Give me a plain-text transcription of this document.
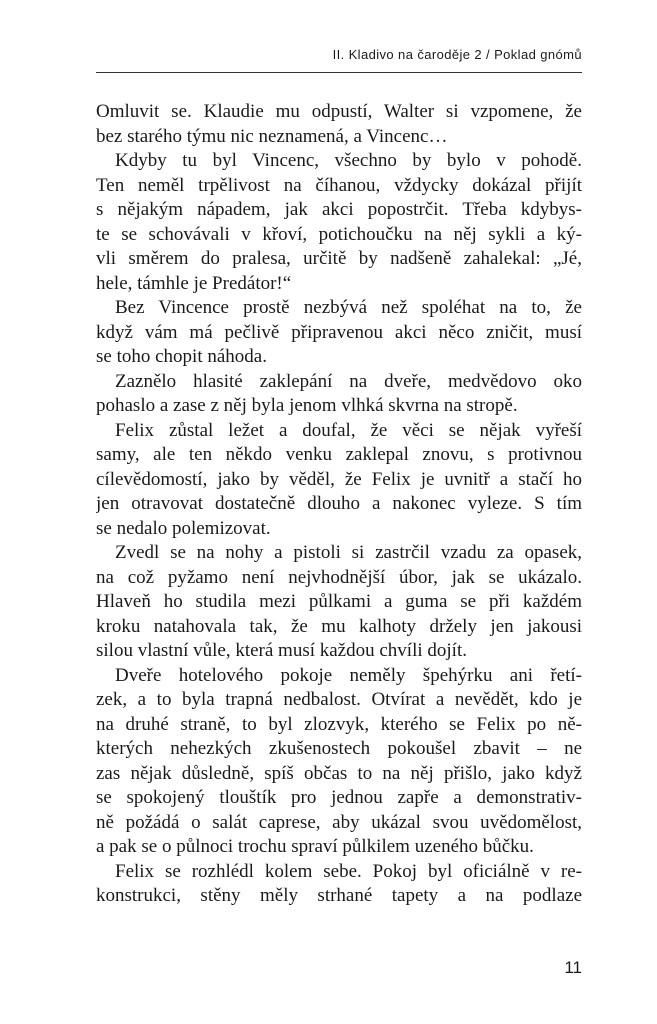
II. Kladivo na čaroděje 2 / Poklad gnómů
Omluvit se. Klaudie mu odpustí, Walter si vzpomene, že
bez starého týmu nic neznamená, a Vincenc…
Kdyby tu byl Vincenc, všechno by bylo v pohodě.
Ten neměl trpělivost na číhanou, vždycky dokázal přijít
s nějakým nápadem, jak akci popostrčit. Třeba kdybys-
te se schovávali v křoví, potichoučku na něj sykli a ký-
vli směrem do pralesa, určitě by nadšeně zahalekal: „Jé,
hele, támhle je Predátor!“
Bez Vincence prostě nezbývá než spoléhat na to, že
když vám má pečlivě připravenou akci něco zničit, musí
se toho chopit náhoda.
Zaznělo hlasité zaklepání na dveře, medvědovo oko
pohaslo a zase z něj byla jenom vlhká skvrna na stropě.
Felix zůstal ležet a doufal, že věci se nějak vyřeší
samy, ale ten někdo venku zaklepal znovu, s protivnou
cílevědomostí, jako by věděl, že Felix je uvnitř a stačí ho
jen otravovat dostatečně dlouho a nakonec vyleze. S tím
se nedalo polemizovat.
Zvedl se na nohy a pistoli si zastrčil vzadu za opasek,
na což pyžamo není nejvhodnější úbor, jak se ukázalo.
Hlaveň ho studila mezi půlkami a guma se při každém
kroku natahovala tak, že mu kalhoty držely jen jakousi
silou vlastní vůle, která musí každou chvíli dojít.
Dveře hotelového pokoje neměly špehýrku ani řetí-
zek, a to byla trapná nedbalost. Otvírat a nevědět, kdo je
na druhé straně, to byl zlozvyk, kterého se Felix po ně-
kterých nehezkých zkušenostech pokoušel zbavit – ne
zas nějak důsledně, spíš občas to na něj přišlo, jako když
se spokojený tlouštík pro jednou zapře a demonstrativ-
ně požádá o salát caprese, aby ukázal svou uvědomělost,
a pak se o půlnoci trochu spraví půlkilem uzeného bůčku.
Felix se rozhlédl kolem sebe. Pokoj byl oficiálně v re-
konstrukci, stěny měly strhané tapety a na podlaze
11
